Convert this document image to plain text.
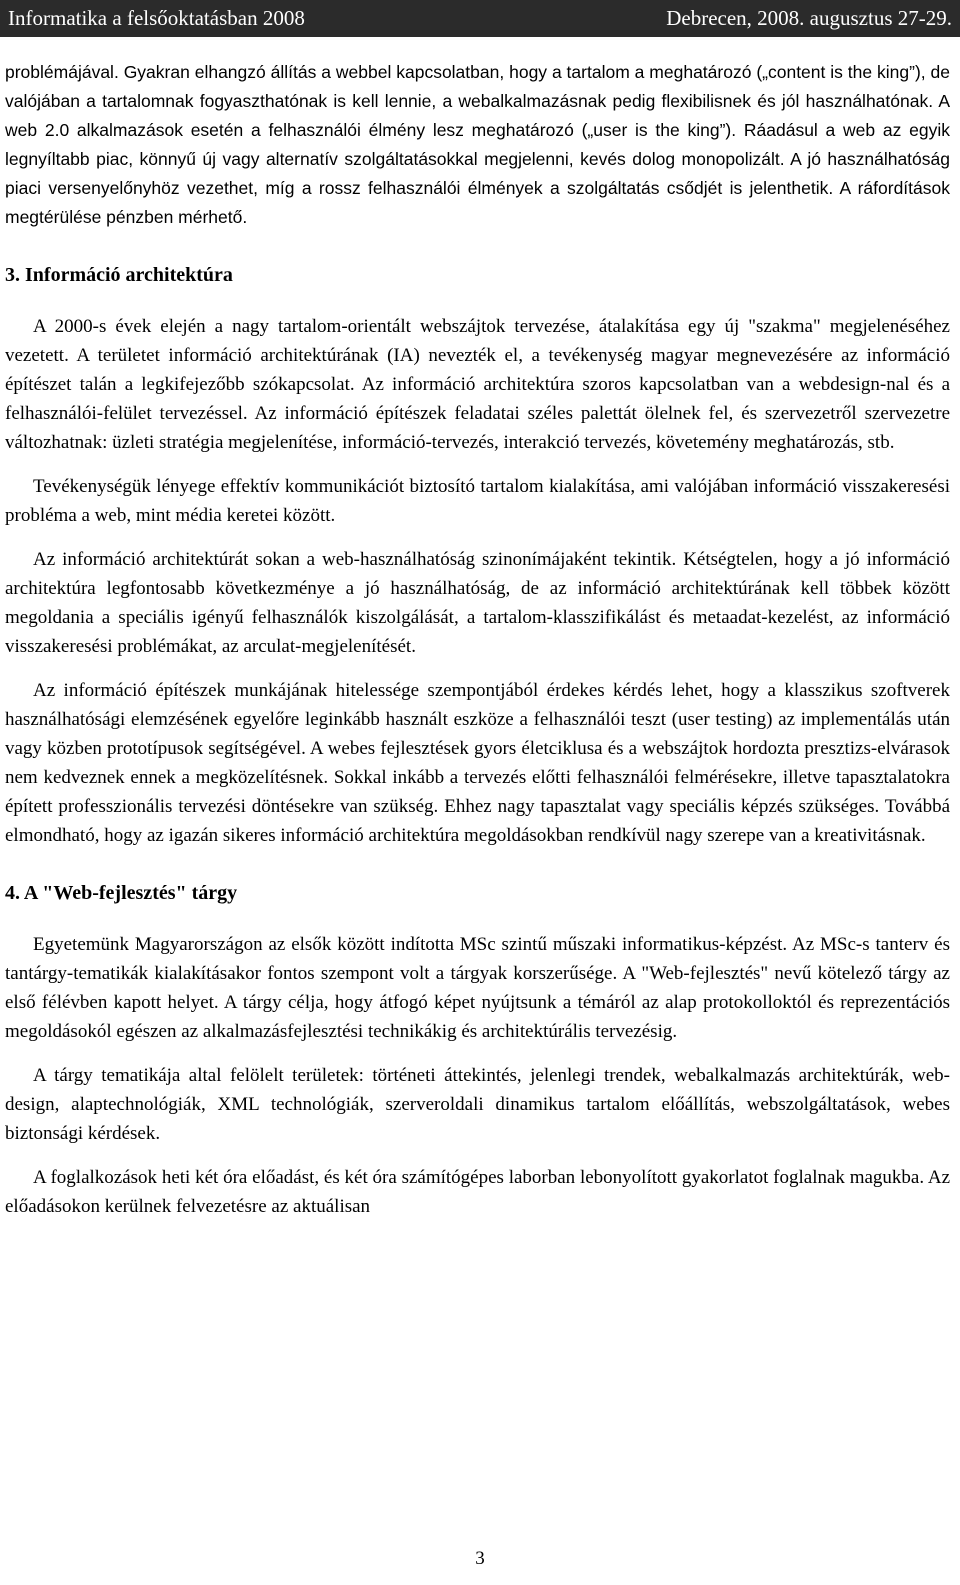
Informatika a felsőoktatásban 2008	Debrecen, 2008. augusztus 27-29.

problémájával. Gyakran elhangzó állítás a webbel kapcsolatban, hogy a tartalom a meghatározó („content is the king”), de valójában a tartalomnak fogyaszthatónak is kell lennie, a webalkalmazásnak pedig flexibilisnek és jól használhatónak. A web 2.0 alkalmazások esetén a felhasználói élmény lesz meghatározó („user is the king”). Ráadásul a web az egyik legnyíltabb piac, könnyű új vagy alternatív szolgáltatásokkal megjelenni, kevés dolog monopolizált. A jó használhatóság piaci versenyelőnyhöz vezethet, míg a rossz felhasználói élmények a szolgáltatás csődjét is jelenthetik. A ráfordítások megtérülése pénzben mérhető.

3. Információ architektúra

A 2000-s évek elején a nagy tartalom-orientált webszájtok tervezése, átalakítása egy új "szakma" megjelenéséhez vezetett. A területet információ architektúrának (IA) nevezték el, a tevékenység magyar megnevezésére az információ építészet talán a legkifejezőbb szókapcsolat. Az információ architektúra szoros kapcsolatban van a webdesign-nal és a felhasználói-felület tervezéssel. Az információ építészek feladatai széles palettát ölelnek fel, és szervezetről szervezetre változhatnak: üzleti stratégia megjelenítése, információ-tervezés, interakció tervezés, követemény meghatározás, stb.

Tevékenységük lényege effektív kommunikációt biztosító tartalom kialakítása, ami valójában információ visszakeresési probléma a web, mint média keretei között.

Az információ architektúrát sokan a web-használhatóság szinonímájaként tekintik. Kétségtelen, hogy a jó információ architektúra legfontosabb következménye a jó használhatóság, de az információ architektúrának kell többek között megoldania a speciális igényű felhasználók kiszolgálását, a tartalom-klasszifikálást és metaadat-kezelést, az információ visszakeresési problémákat, az arculat-megjelenítését.

Az információ építészek munkájának hitelessége szempontjából érdekes kérdés lehet, hogy a klasszikus szoftverek használhatósági elemzésének egyelőre leginkább használt eszköze a felhasználói teszt (user testing) az implementálás után vagy közben prototípusok segítségével. A webes fejlesztések gyors életciklusa és a webszájtok hordozta presztizs-elvárasok nem kedveznek ennek a megközelítésnek. Sokkal inkább a tervezés előtti felhasználói felmérésekre, illetve tapasztalatokra épített professzionális tervezési döntésekre van szükség. Ehhez nagy tapasztalat vagy speciális képzés szükséges. Továbbá elmondható, hogy az igazán sikeres információ architektúra megoldásokban rendkívül nagy szerepe van a kreativitásnak.

4. A "Web-fejlesztés" tárgy

Egyetemünk Magyarországon az elsők között indította MSc szintű műszaki informatikus-képzést. Az MSc-s tanterv és tantárgy-tematikák kialakításakor fontos szempont volt a tárgyak korszerűsége. A "Web-fejlesztés" nevű kötelező tárgy az első félévben kapott helyet. A tárgy célja, hogy átfogó képet nyújtsunk a témáról az alap protokolloktól és reprezentációs megoldásokól egészen az alkalmazásfejlesztési technikákig és architektúrális tervezésig.

A tárgy tematikája altal felölelt területek: történeti áttekintés, jelenlegi trendek, webalkalmazás architektúrák, web-design, alaptechnológiák, XML technológiák, szerveroldali dinamikus tartalom előállítás, webszolgáltatások, webes biztonsági kérdések.

A foglalkozások heti két óra előadást, és két óra számítógépes laborban lebonyolított gyakorlatot foglalnak magukba. Az előadásokon kerülnek felvezetésre az aktuálisan

3
